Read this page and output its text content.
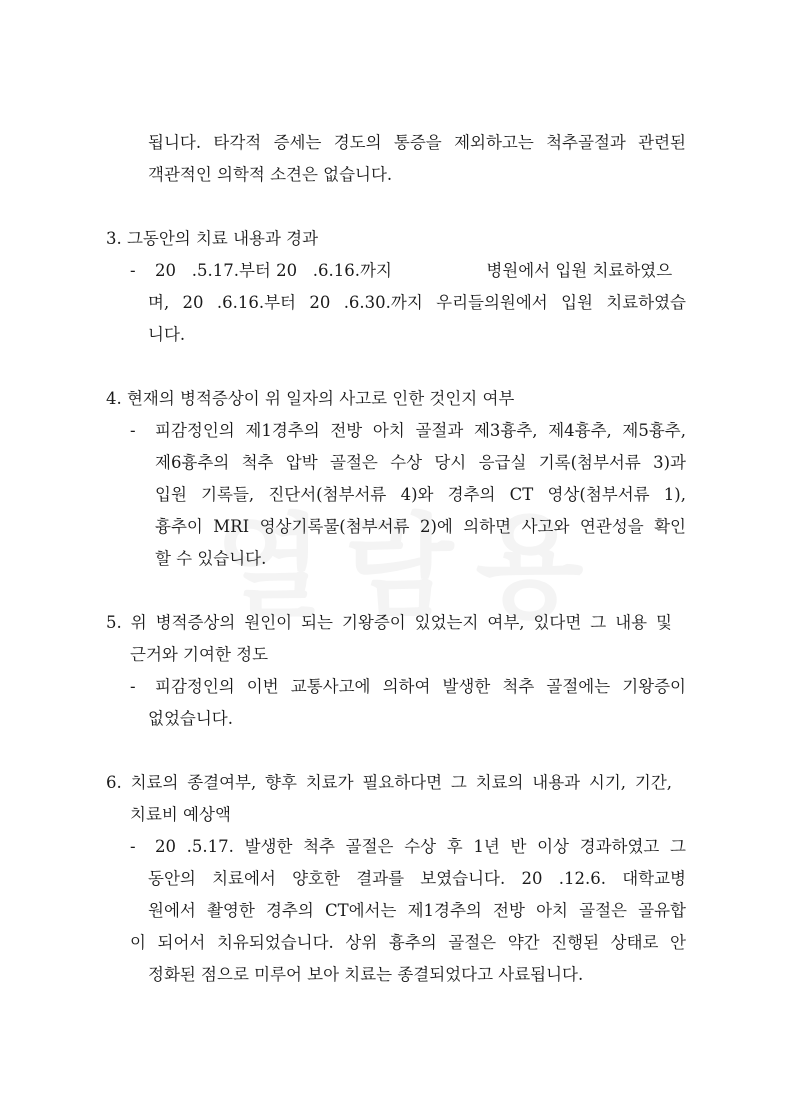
됩니다. 타각적 증세는 경도의 통증을 제외하고는 척추골절과 관련된
객관적인 의학적 소견은 없습니다.
3. 그동안의 치료 내용과 경과
- 20   .5.17.부터 20   .6.16.까지                  병원에서 입원 치료하였으
며, 20 .6.16.부터 20 .6.30.까지 우리들의원에서 입원 치료하였습
니다.
4. 현재의 병적증상이 위 일자의 사고로 인한 것인지 여부
- 피감정인의 제1경추의 전방 아치 골절과 제3흉추, 제4흉추, 제5흉추,
제6흉추의 척추 압박 골절은 수상 당시 응급실 기록(첨부서류 3)과
입원 기록들, 진단서(첨부서류 4)와 경추의 CT 영상(첨부서류 1),
흉추이 MRI 영상기록물(첨부서류 2)에 의하면 사고와 연관성을 확인
할 수 있습니다.
5. 위 병적증상의 원인이 되는 기왕증이 있었는지 여부, 있다면 그 내용 및
근거와 기여한 정도
- 피감정인의 이번 교통사고에 의하여 발생한 척추 골절에는 기왕증이
없었습니다.
6. 치료의 종결여부, 향후 치료가 필요하다면 그 치료의 내용과 시기, 기간,
치료비 예상액
- 20 .5.17. 발생한 척추 골절은 수상 후 1년 반 이상 경과하였고 그
동안의 치료에서 양호한 결과를 보였습니다. 20 .12.6. 대학교병
원에서 촬영한 경추의 CT에서는 제1경추의 전방 아치 골절은 골유합
이 되어서 치유되었습니다. 상위 흉추의 골절은 약간 진행된 상태로 안
정화된 점으로 미루어 보아 치료는 종결되었다고 사료됩니다.
